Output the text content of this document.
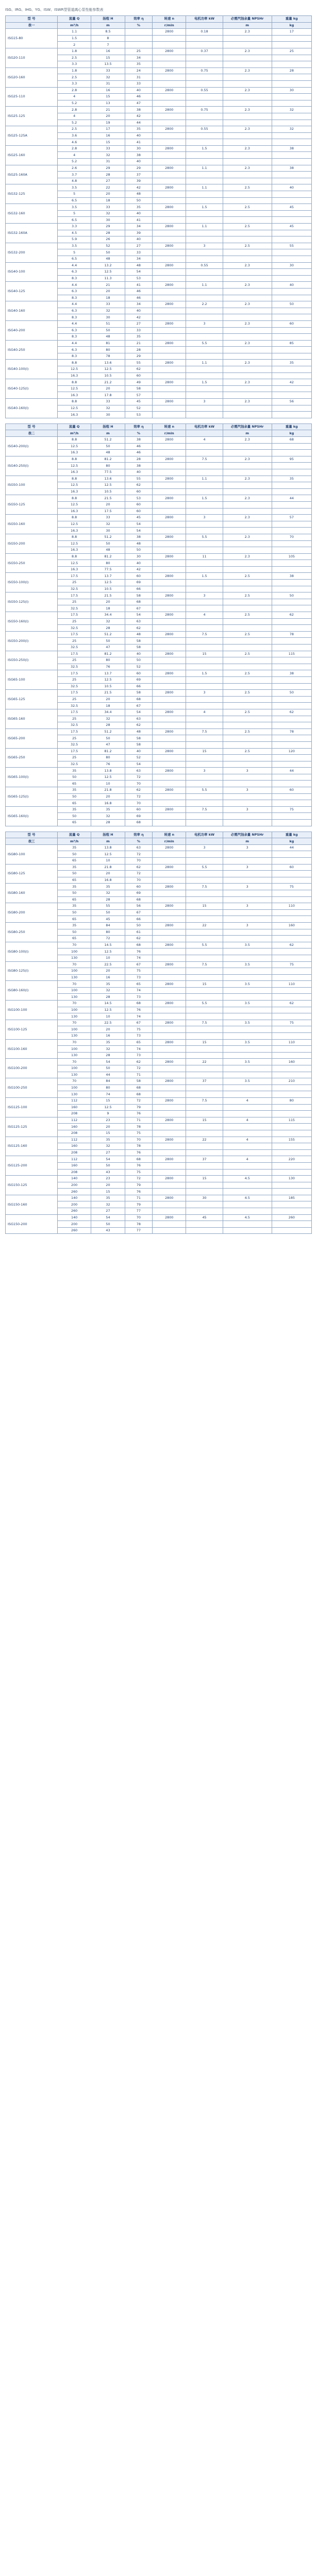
ISG、IRG、IHG、YG、ISW、ISWR型管道离心泵性能参数表
型 号	流量 Q	扬程 H	效率 η	转速 n	电机功率 kW	必需汽蚀余量 NPSHr	重量 kg
表一	m³/h	m	%	r/min		m	kg
ISG15-80	1.1	8.5		2800	0.18	2.3	17
	1.5	8					
	2	7					
ISG20-110	1.8	16	25	2800	0.37	2.3	25
	2.5	15	34				
	3.3	13.5	35				
ISG20-160	1.8	33	24	2800	0.75	2.3	28
	2.5	32	31				
	3.3	31	33				
ISG25-110	2.8	16	40	2800	0.55	2.3	30
	4	15	46				
	5.2	13	47				
ISG25-125	2.8	21	38	2800	0.75	2.3	32
	4	20	42				
	5.2	19	44				
ISG25-125A	2.5	17	35	2800	0.55	2.3	32
	3.6	16	40				
	4.6	15	41				
ISG25-160	2.8	33	30	2800	1.5	2.3	38
	4	32	38				
	5.2	31	40				
ISG25-160A	2.6	29	29	2800	1.1	2.3	38
	3.7	28	37				
	4.8	27	39				
ISG32-125	3.5	22	42	2800	1.1	2.5	40
	5	20	48				
	6.5	18	50				
ISG32-160	3.5	33	35	2800	1.5	2.5	45
	5	32	40				
	6.5	30	41				
ISG32-160A	3.3	29	34	2800	1.1	2.5	45
	4.5	28	39				
	5.9	26	40				
ISG32-200	3.5	52	27	2800	3	2.5	55
	5	50	33				
	6.5	48	34				
ISG40-100	4.4	13.2	48	2800	0.55	2.3	30
	6.3	12.5	54				
	8.3	11.3	53				
ISG40-125	4.4	21	41	2800	1.1	2.3	40
	6.3	20	46				
	8.3	18	46				
ISG40-160	4.4	33	34	2800	2.2	2.3	50
	6.3	32	40				
	8.3	30	42				
ISG40-200	4.4	51	27	2800	3	2.3	60
	6.3	50	33				
	8.3	48	35				
ISG40-250	4.4	81	21	2800	5.5	2.3	85
	6.3	80	28				
	8.3	78	29				
ISG40-100(I)	8.8	13.6	55	2800	1.1	2.3	35
	12.5	12.5	62				
	16.3	10.5	60				
ISG40-125(I)	8.8	21.2	49	2800	1.5	2.3	42
	12.5	20	58				
	16.3	17.8	57				
ISG40-160(I)	8.8	33	45	2800	3	2.3	56
	12.5	32	52				
	16.3	30	53				
型 号	流量 Q	扬程 H	效率 η	转速 n	电机功率 kW	必需汽蚀余量 NPSHr	重量 kg
表二	m³/h	m	%	r/min		m	kg
ISG40-200(I)	8.8	51.2	38	2800	4	2.3	68
	12.5	50	46				
	16.3	48	46				
ISG40-250(I)	8.8	81.2	28	2800	7.5	2.3	95
	12.5	80	38				
	16.3	77.5	40				
ISG50-100	8.8	13.6	55	2800	1.1	2.3	35
	12.5	12.5	62				
	16.3	10.5	60				
ISG50-125	8.8	21.5	53	2800	1.5	2.3	44
	12.5	20	60				
	16.3	17.5	60				
ISG50-160	8.8	33	45	2800	3	2.3	57
	12.5	32	54				
	16.3	30	54				
ISG50-200	8.8	51.2	38	2800	5.5	2.3	70
	12.5	50	48				
	16.3	48	50				
ISG50-250	8.8	81.2	30	2800	11	2.3	105
	12.5	80	40				
	16.3	77.5	42				
ISG50-100(I)	17.5	13.7	60	2800	1.5	2.5	38
	25	12.5	69				
	32.5	10.5	66				
ISG50-125(I)	17.5	21.5	58	2800	3	2.5	50
	25	20	68				
	32.5	18	67				
ISG50-160(I)	17.5	34.4	54	2800	4	2.5	62
	25	32	63				
	32.5	28	62				
ISG50-200(I)	17.5	51.2	48	2800	7.5	2.5	78
	25	50	58				
	32.5	47	58				
ISG50-250(I)	17.5	81.2	40	2800	15	2.5	115
	25	80	50				
	32.5	76	52				
ISG65-100	17.5	13.7	60	2800	1.5	2.5	38
	25	12.5	69				
	32.5	10.5	66				
ISG65-125	17.5	21.5	58	2800	3	2.5	50
	25	20	68				
	32.5	18	67				
ISG65-160	17.5	34.4	54	2800	4	2.5	62
	25	32	63				
	32.5	28	62				
ISG65-200	17.5	51.2	48	2800	7.5	2.5	78
	25	50	58				
	32.5	47	58				
ISG65-250	17.5	81.2	40	2800	15	2.5	120
	25	80	52				
	32.5	76	54				
ISG65-100(I)	35	13.8	63	2800	3	3	44
	50	12.5	72				
	65	10	70				
ISG65-125(I)	35	21.8	62	2800	5.5	3	60
	50	20	72				
	65	16.8	70				
ISG65-160(I)	35	35	60	2800	7.5	3	75
	50	32	69				
	65	28	68				
型 号	流量 Q	扬程 H	效率 η	转速 n	电机功率 kW	必需汽蚀余量 NPSHr	重量 kg
表三	m³/h	m	%	r/min		m	kg
ISG80-100	35	13.8	63	2800	3	3	44
	50	12.5	72				
	65	10	70				
ISG80-125	35	21.8	62	2800	5.5	3	60
	50	20	72				
	65	16.8	70				
ISG80-160	35	35	60	2800	7.5	3	75
	50	32	69				
	65	28	68				
ISG80-200	35	55	56	2800	15	3	110
	50	50	67				
	65	45	66				
ISG80-250	35	84	50	2800	22	3	160
	50	80	61				
	65	72	62				
ISG80-100(I)	70	14.5	68	2800	5.5	3.5	62
	100	12.5	76				
	130	10	74				
ISG80-125(I)	70	22.5	67	2800	7.5	3.5	75
	100	20	75				
	130	16	73				
ISG80-160(I)	70	35	65	2800	15	3.5	110
	100	32	74				
	130	28	73				
ISG100-100	70	14.5	68	2800	5.5	3.5	62
	100	12.5	76				
	130	10	74				
ISG100-125	70	22.5	67	2800	7.5	3.5	75
	100	20	75				
	130	16	73				
ISG100-160	70	35	65	2800	15	3.5	110
	100	32	74				
	130	28	73				
ISG100-200	70	54	62	2800	22	3.5	160
	100	50	72				
	130	44	71				
ISG100-250	70	84	58	2800	37	3.5	210
	100	80	68				
	130	74	68				
ISG125-100	112	15	72	2800	7.5	4	80
	160	12.5	79				
	208	9	76				
ISG125-125	112	23	71	2800	15	4	115
	160	20	78				
	208	15	75				
ISG125-160	112	35	70	2800	22	4	155
	160	32	78				
	208	27	76				
ISG125-200	112	54	68	2800	37	4	220
	160	50	76				
	208	43	75				
ISG150-125	140	23	72	2800	15	4.5	130
	200	20	79				
	260	15	76				
ISG150-160	140	35	71	2800	30	4.5	185
	200	32	79				
	260	27	77				
ISG150-200	140	54	70	2800	45	4.5	260
	200	50	78				
	260	43	77				
